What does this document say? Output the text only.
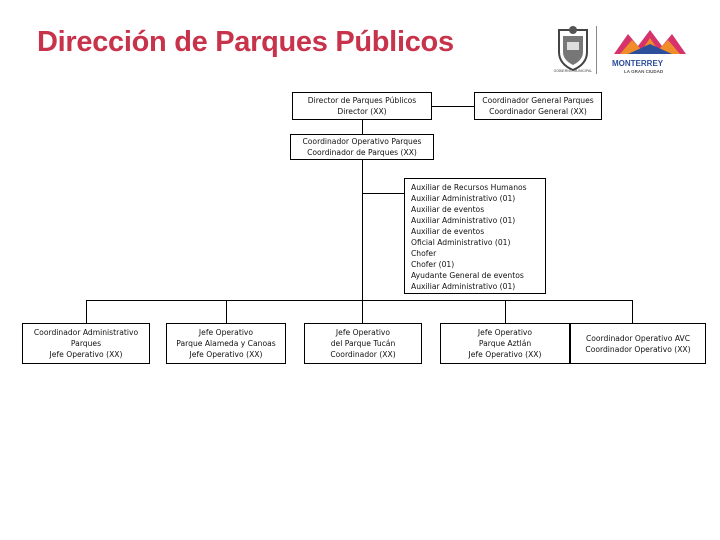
Dirección de Parques Públicos
GOBIERNO MUNICIPAL
MONTERREY
LA GRAN CIUDAD
Director de Parques Públicos
Director (XX)
Coordinador General Parques
Coordinador General (XX)
Coordinador Operativo Parques
Coordinador de Parques (XX)
Auxiliar de Recursos Humanos
Auxiliar Administrativo (01)
Auxiliar de eventos
Auxiliar Administrativo (01)
Auxiliar de eventos
Oficial Administrativo (01)
Chofer
Chofer (01)
Ayudante General de eventos
Auxiliar Administrativo (01)
Coordinador Administrativo
Parques
Jefe Operativo (XX)
Jefe Operativo
Parque Alameda y Canoas
Jefe Operativo (XX)
Jefe Operativo
del Parque Tucán
Coordinador (XX)
Jefe Operativo
Parque Aztlán
Jefe Operativo (XX)
Coordinador Operativo AVC
Coordinador Operativo (XX)
